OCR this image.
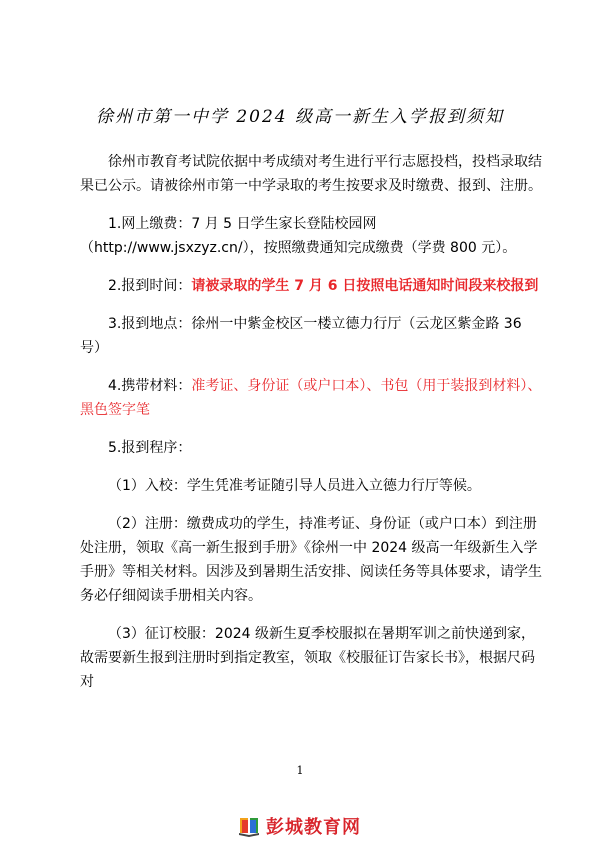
徐州市第一中学 2024 级高一新生入学报到须知

徐州市教育考试院依据中考成绩对考生进行平行志愿投档，投档录取结果已公示。请被徐州市第一中学录取的考生按要求及时缴费、报到、注册。

1.网上缴费：7 月 5 日学生家长登陆校园网（http://www.jsxzyz.cn/），按照缴费通知完成缴费（学费 800 元）。

2.报到时间：请被录取的学生 7 月 6 日按照电话通知时间段来校报到

3.报到地点：徐州一中紫金校区一楼立德力行厅（云龙区紫金路 36 号）

4.携带材料：准考证、身份证（或户口本）、书包（用于装报到材料）、黑色签字笔

5.报到程序：

（1）入校：学生凭准考证随引导人员进入立德力行厅等候。

（2）注册：缴费成功的学生，持准考证、身份证（或户口本）到注册处注册，领取《高一新生报到手册》《徐州一中 2024 级高一年级新生入学手册》等相关材料。因涉及到暑期生活安排、阅读任务等具体要求，请学生务必仔细阅读手册相关内容。

（3）征订校服：2024 级新生夏季校服拟在暑期军训之前快递到家，故需要新生报到注册时到指定教室，领取《校服征订告家长书》，根据尺码对

1
彭城教育网
